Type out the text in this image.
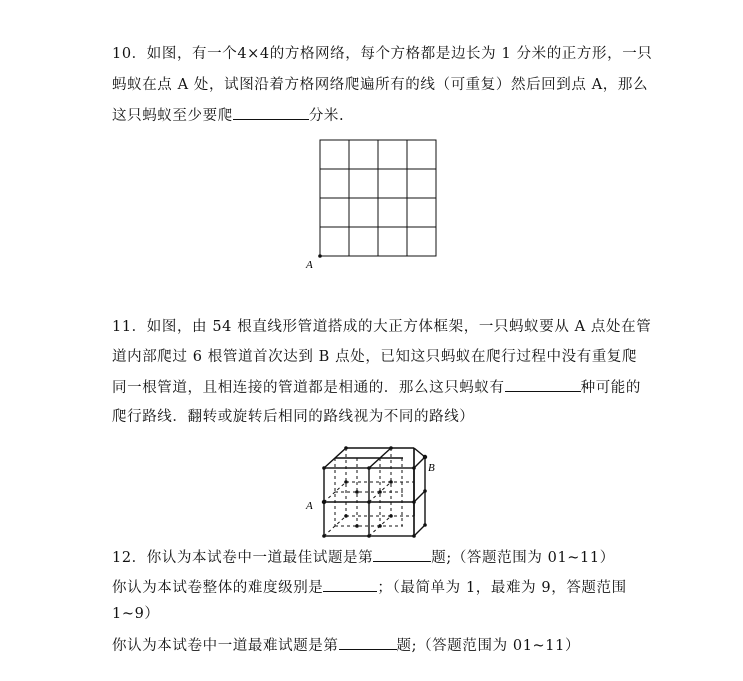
10．如图，有一个4×4的方格网络，每个方格都是边长为 1 分米的正方形，一只
蚂蚁在点 A 处，试图沿着方格网络爬遍所有的线（可重复）然后回到点 A，那么
这只蚂蚁至少要爬	分米.
A
11．如图，由 54 根直线形管道搭成的大正方体框架，一只蚂蚁要从 A 点处在管
道内部爬过 6 根管道首次达到 B 点处，已知这只蚂蚁在爬行过程中没有重复爬
同一根管道，且相连接的管道都是相通的．那么这只蚂蚁有	种可能的
爬行路线．翻转或旋转后相同的路线视为不同的路线）
A
B
12．你认为本试卷中一道最佳试题是第	题;（答题范围为 01~11）
你认为本试卷整体的难度级别是	；（最简单为 1，最难为 9，答题范围
1~9）
你认为本试卷中一道最难试题是第	题;（答题范围为 01~11）
